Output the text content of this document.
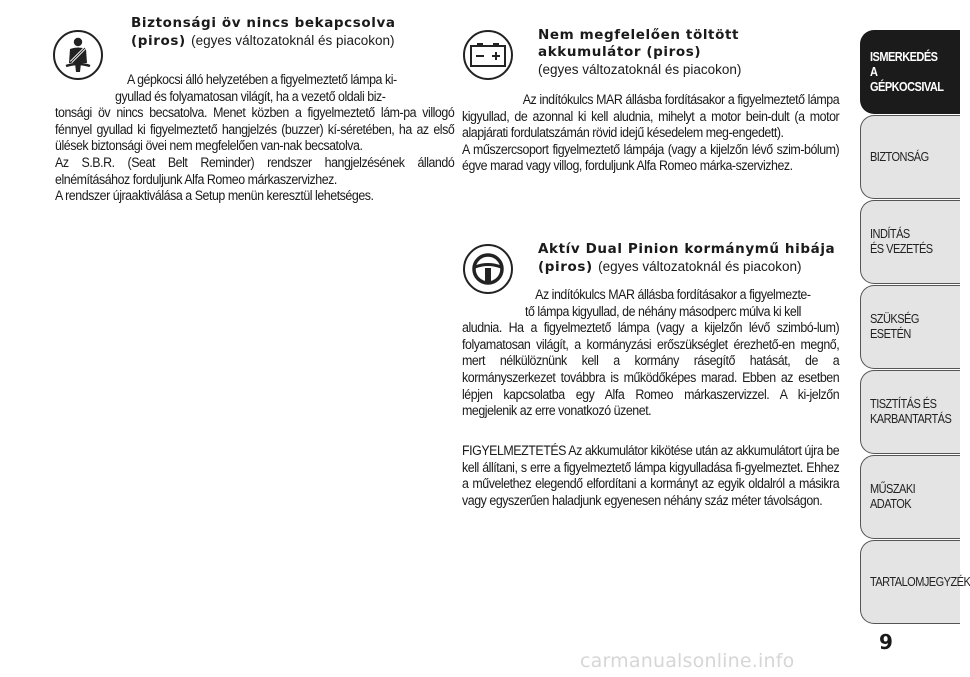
Biztonsági öv nincs bekapcsolva
(piros) (egyes változatoknál és piacokon)

A gépkocsi álló helyzetében a figyelmeztető lámpa ki-

gyullad és folyamatosan világít, ha a vezető oldali biz-

tonsági öv nincs becsatolva. Menet közben a figyelmeztető lám-pa villogó fénnyel gyullad ki figyelmeztető hangjelzés (buzzer) kí-séretében, ha az első ülések biztonsági övei nem megfelelően van-nak becsatolva.

Az S.B.R. (Seat Belt Reminder) rendszer hangjelzésének állandó elnémításához forduljunk Alfa Romeo márkaszervizhez.

A rendszer újraaktiválása a Setup menün keresztül lehetséges.

Nem megfelelően töltött
akkumulátor (piros)
(egyes változatoknál és piacokon)

Az indítókulcs MAR állásba fordításakor a figyelmeztető lámpa kigyullad, de azonnal ki kell aludnia, mihelyt a motor bein-dult (a motor alapjárati fordulatszámán rövid idejű késedelem meg-engedett).

A műszercsoport figyelmeztető lámpája (vagy a kijelzőn lévő szim-bólum) égve marad vagy villog, forduljunk Alfa Romeo márka-szervizhez.

Aktív Dual Pinion kormánymű hibája
(piros) (egyes változatoknál és piacokon)

Az indítókulcs MAR állásba fordításakor a figyelmezte-

tő lámpa kigyullad, de néhány másodperc múlva ki kell

aludnia. Ha a figyelmeztető lámpa (vagy a kijelzőn lévő szimbó-lum) folyamatosan világít, a kormányzási erőszükséglet érezhető-en megnő, mert nélkülöznünk kell a kormány rásegítő hatását, de a kormányszerkezet továbbra is működőképes marad. Ebben az esetben lépjen kapcsolatba egy Alfa Romeo márkaszervizzel. A ki-jelzőn megjelenik az erre vonatkozó üzenet.

FIGYELMEZTETÉS Az akkumulátor kikötése után az akkumulátort újra be kell állítani, s erre a figyelmeztető lámpa kigyulladása fi-gyelmeztet. Ehhez a művelethez elegendő elfordítani a kormányt az egyik oldalról a másikra vagy egyszerűen haladjunk egyenesen néhány száz méter távolságon.

ISMERKEDÉS
A GÉPKOCSIVAL
BIZTONSÁG
INDÍTÁS
ÉS VEZETÉS
SZÜKSÉG
ESETÉN
TISZTÍTÁS ÉS
KARBANTARTÁS
MŰSZAKI
ADATOK
TARTALOMJEGYZÉK
9
carmanualsonline.info
